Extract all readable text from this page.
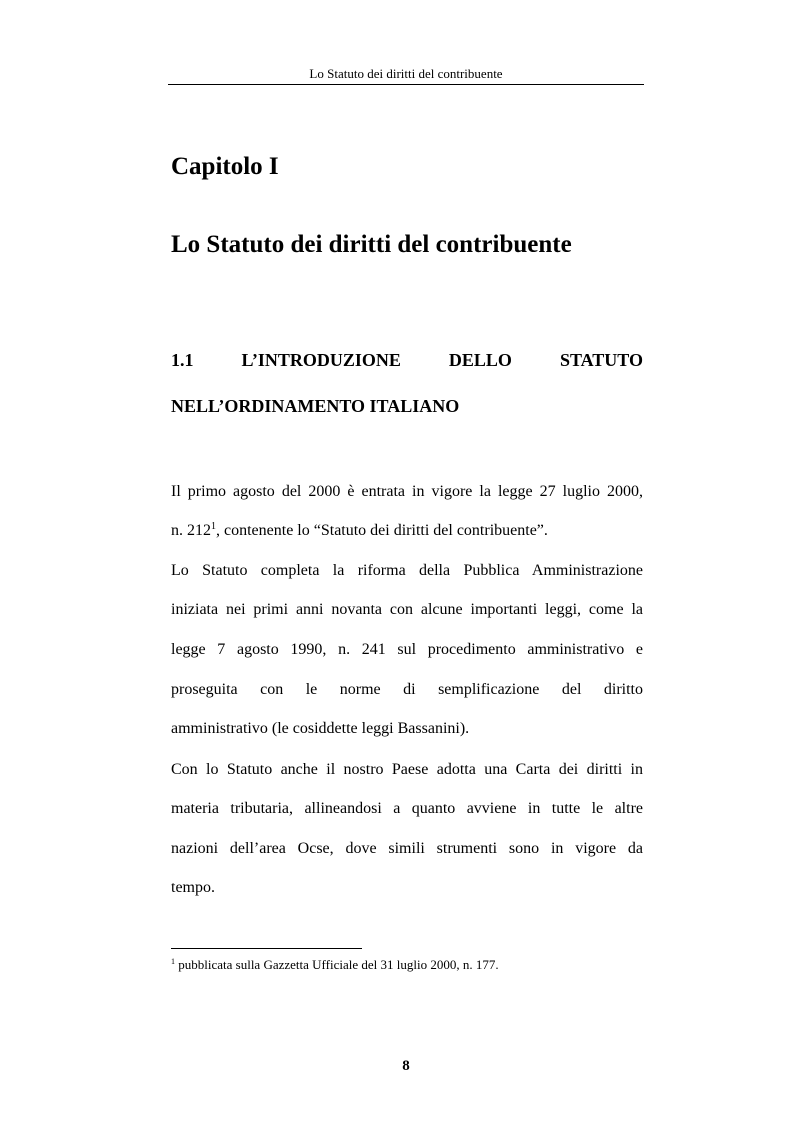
Lo Statuto dei diritti del contribuente
Capitolo I
Lo Statuto dei diritti del contribuente
1.1	L’INTRODUZIONE	DELLO	STATUTO
NELL’ORDINAMENTO ITALIANO
Il primo agosto del 2000 è entrata in vigore la legge 27 luglio 2000,
n. $212^1$, contenente lo “Statuto dei diritti del contribuente”.
Lo Statuto completa la riforma della Pubblica Amministrazione
iniziata nei primi anni novanta con alcune importanti leggi, come la
legge 7 agosto 1990, n. 241 sul procedimento amministrativo e
proseguita con le norme di semplificazione del diritto
amministrativo (le cosiddette leggi Bassanini).
Con lo Statuto anche il nostro Paese adotta una Carta dei diritti in
materia tributaria, allineandosi a quanto avviene in tutte le altre
nazioni dell’area Ocse, dove simili strumenti sono in vigore da
tempo.
$^1$ pubblicata sulla Gazzetta Ufficiale del 31 luglio 2000, n. 177.
8
